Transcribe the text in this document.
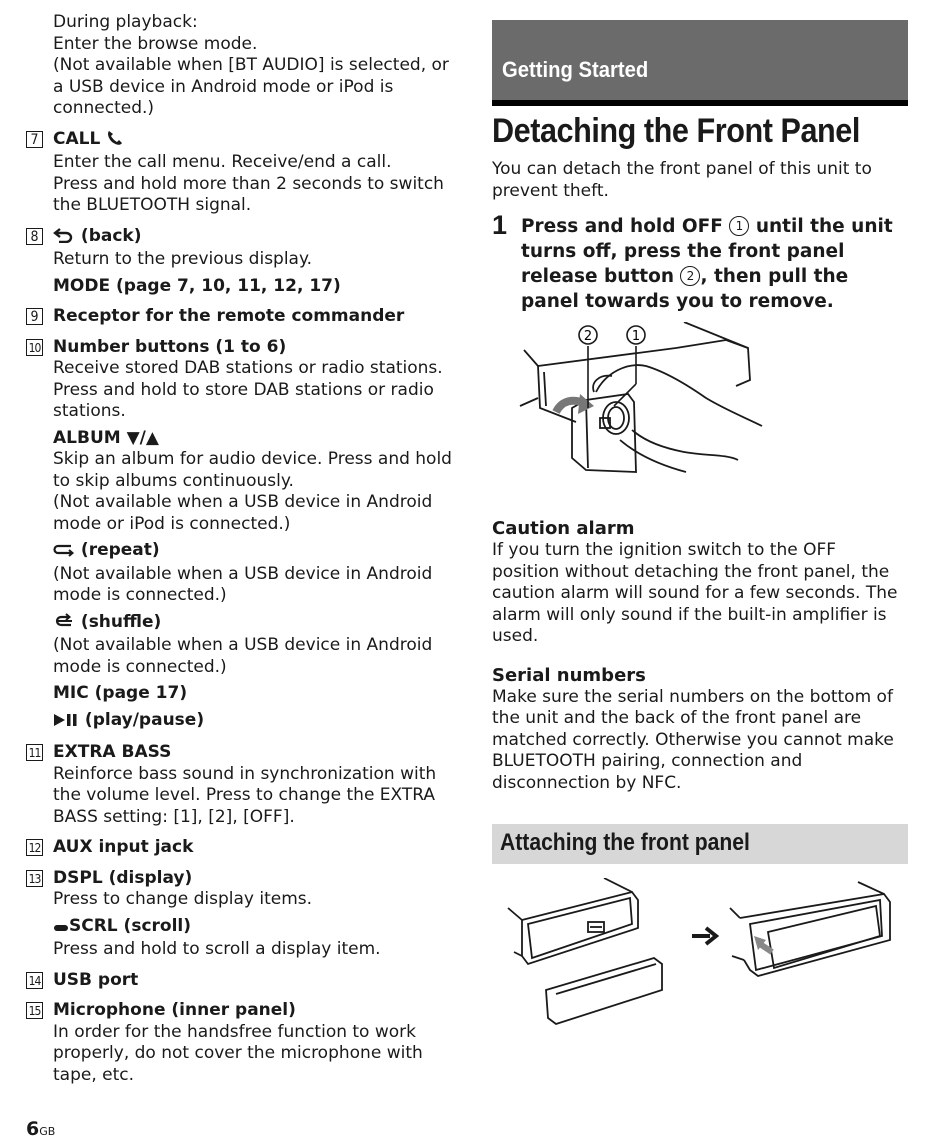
During playback:

Enter the browse mode.

(Not available when [BT AUDIO] is selected, or a USB device in Android mode or iPod is connected.)

7 CALL

Enter the call menu. Receive/end a call.

Press and hold more than 2 seconds to switch the BLUETOOTH signal.

8	(back)

Return to the previous display.

MODE (page 7, 10, 11, 12, 17)

9 Receptor for the remote commander

10 Number buttons (1 to 6)

Receive stored DAB stations or radio stations. Press and hold to store DAB stations or radio stations.

ALBUM ▼/▲

Skip an album for audio device. Press and hold to skip albums continuously.

(Not available when a USB device in Android mode or iPod is connected.)

(repeat)

(Not available when a USB device in Android mode is connected.)

(shuffle)

(Not available when a USB device in Android mode is connected.)

MIC (page 17)

(play/pause)

11 EXTRA BASS

Reinforce bass sound in synchronization with the volume level. Press to change the EXTRA BASS setting: [1], [2], [OFF].

12 AUX input jack

13 DSPL (display)

Press to change display items.

SCRL (scroll)

Press and hold to scroll a display item.

14 USB port

15 Microphone (inner panel)

In order for the handsfree function to work properly, do not cover the microphone with tape, etc.

Getting Started
Detaching the Front Panel

You can detach the front panel of this unit to prevent theft.

1 Press and hold OFF 1 until the unit turns off, press the front panel release button 2 , then pull the panel towards you to remove.
2	1

Caution alarm

If you turn the ignition switch to the OFF position without detaching the front panel, the caution alarm will sound for a few seconds. The alarm will only sound if the built-in amplifier is used.

Serial numbers

Make sure the serial numbers on the bottom of the unit and the back of the front panel are matched correctly. Otherwise you cannot make BLUETOOTH pairing, connection and disconnection by NFC.

Attaching the front panel
6GB
